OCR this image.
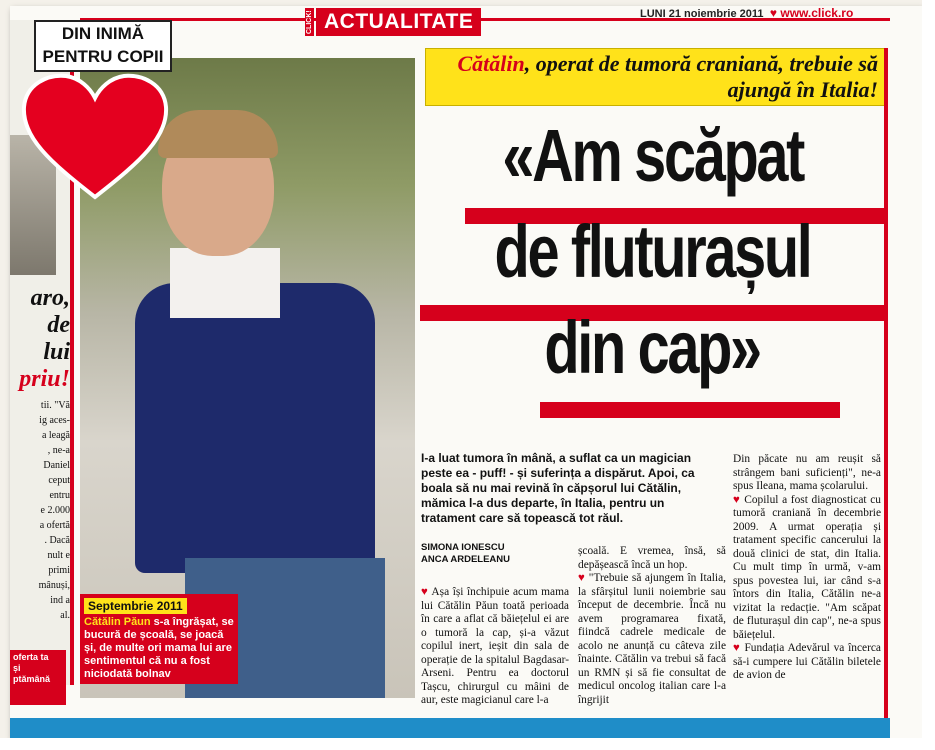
aro,
de
lui
priu!
tii. "Vă
ig aces-
a leagă
, ne-a
Daniel
ceput
entru
e 2.000
a ofertă
. Dacă
nult e
primi
mânuși,
ind a
al.
oferta ta
și
ptămână
CLICK! ACTUALITATE	LUNI 21 noiembrie 2011  ♥ www.click.ro
DIN INIMĂ PENTRU COPII
Septembrie 2011
Cătălin Păun s-a îngrășat, se bucură de școală, se joacă și, de multe ori mama lui are sentimentul că nu a fost niciodată bolnav
Cătălin, operat de tumoră craniană, trebuie să ajungă în Italia!
«Am scăpat
de fluturașul
din cap»
I-a luat tumora în mână, a suflat ca un magician peste ea - puff! - și suferința a dispărut. Apoi, ca boala să nu mai revină în căpșorul lui Cătălin, mămica l-a dus departe, în Italia, pentru un tratament care să topească tot răul.
SIMONA IONESCU
ANCA ARDELEANU

♥ Așa își închipuie acum mama lui Cătălin Păun toată perioada în care a aflat că băiețelul ei are o tumoră la cap, și-a văzut copilul inert, ieșit din sala de operație de la spitalul Bagdasar-Arseni. Pentru ea doctorul Tașcu, chirurgul cu mâini de aur, este magicianul care l-a

școală. E vremea, însă, să depășească încă un hop.

♥ "Trebuie să ajungem în Italia, la sfârșitul lunii noiembrie sau început de decembrie. Încă nu avem programarea fixată, fiindcă cadrele medicale de acolo ne anunță cu câteva zile înainte. Cătălin va trebui să facă un RMN și să fie consultat de medicul oncolog italian care l-a îngrijit

Din păcate nu am reușit să strângem bani suficienți", ne-a spus Ileana, mama școlarului.

♥ Copilul a fost diagnosticat cu tumoră craniană în decembrie 2009. A urmat operația și tratament specific cancerului la două clinici de stat, din Italia. Cu mult timp în urmă, v-am spus povestea lui, iar când s-a întors din Italia, Cătălin ne-a vizitat la redacție. "Am scăpat de fluturașul din cap", ne-a spus băiețelul.

♥ Fundația Adevărul va încerca să-i cumpere lui Cătălin biletele de avion de
